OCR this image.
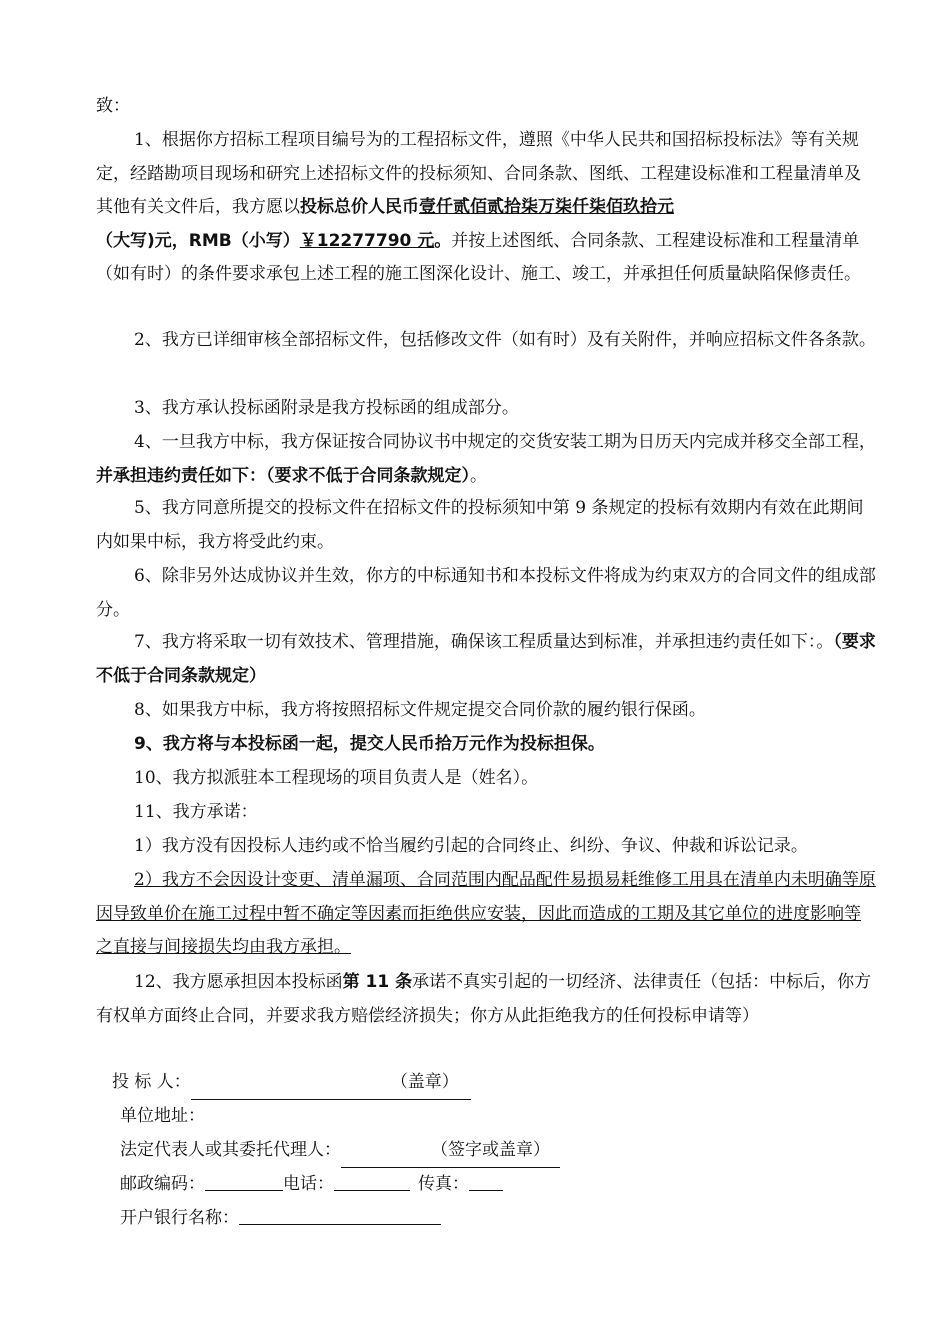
致：

1、根据你方招标工程项目编号为的工程招标文件，遵照《中华人民共和国招标投标法》等有关规定，经踏勘项目现场和研究上述招标文件的投标须知、合同条款、图纸、工程建设标准和工程量清单及其他有关文件后，我方愿以投标总价人民币壹仟贰佰贰拾柒万柒仟柒佰玖拾元（大写)元，RMB（小写）￥12277790 元。并按上述图纸、合同条款、工程建设标准和工程量清单（如有时）的条件要求承包上述工程的施工图深化设计、施工、竣工，并承担任何质量缺陷保修责任。

2、我方已详细审核全部招标文件，包括修改文件（如有时）及有关附件，并响应招标文件各条款。

3、我方承认投标函附录是我方投标函的组成部分。

4、一旦我方中标，我方保证按合同协议书中规定的交货安装工期为日历天内完成并移交全部工程，并承担违约责任如下：（要求不低于合同条款规定）。

5、我方同意所提交的投标文件在招标文件的投标须知中第 9 条规定的投标有效期内有效在此期间内如果中标，我方将受此约束。

6、除非另外达成协议并生效，你方的中标通知书和本投标文件将成为约束双方的合同文件的组成部分。

7、我方将采取一切有效技术、管理措施，确保该工程质量达到标准，并承担违约责任如下：。（要求不低于合同条款规定）

8、如果我方中标，我方将按照招标文件规定提交合同价款的履约银行保函。

9、我方将与本投标函一起，提交人民币拾万元作为投标担保。

10、我方拟派驻本工程现场的项目负责人是（姓名）。

11、我方承诺：

1）我方没有因投标人违约或不恰当履约引起的合同终止、纠纷、争议、仲裁和诉讼记录。

2）我方不会因设计变更、清单漏项、合同范围内配品配件易损易耗维修工用具在清单内未明确等原因导致单价在施工过程中暂不确定等因素而拒绝供应安装，因此而造成的工期及其它单位的进度影响等之直接与间接损失均由我方承担。

12、我方愿承担因本投标函第 11 条承诺不真实引起的一切经济、法律责任（包括：中标后，你方有权单方面终止合同，并要求我方赔偿经济损失；你方从此拒绝我方的任何投标申请等）

投 标 人：	（盖章）

单位地址：

法定代表人或其委托代理人：	（签字或盖章）

邮政编码：	电话：	传真：

开户银行名称：
